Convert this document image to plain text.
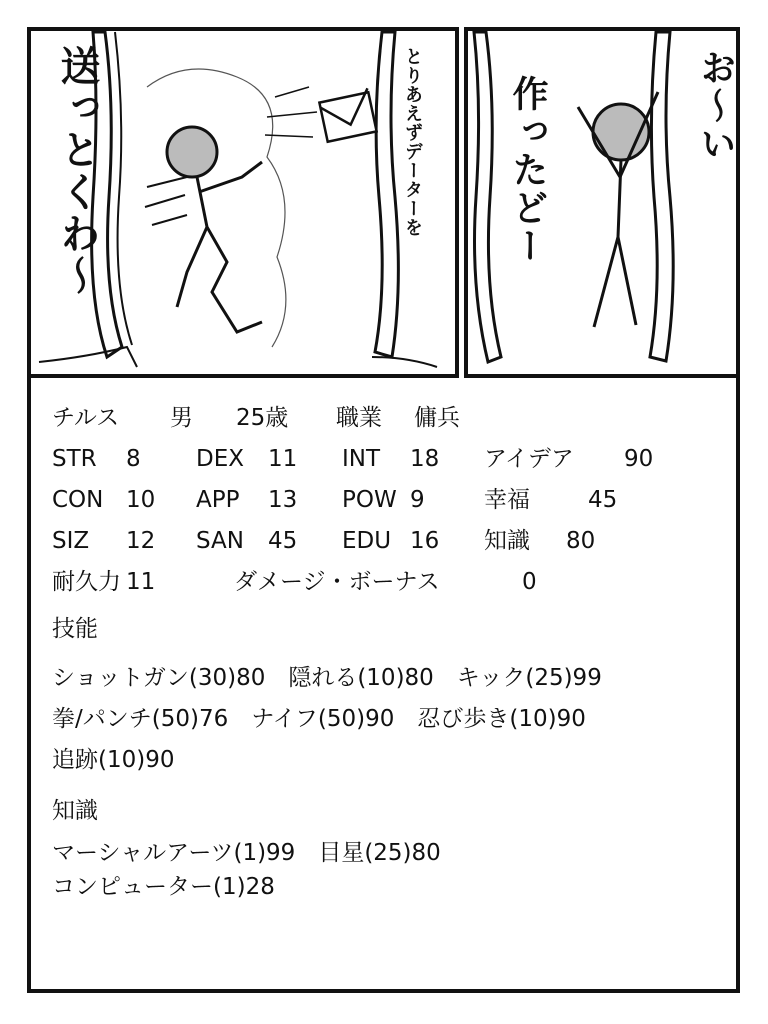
送っとくわ〜	とりあえずデーターを 作ったどー	お〜い
チルス	男	25歳	職業	傭兵
STR	8	DEX	11	INT	18	アイデア	90
CON 10	APP	13	POW 9	幸福	45
SIZ	12	SAN	45	EDU 16	知識	80
耐久力 11	ダメージ・ボーナス	0
技能
ショットガン(30)80　隠れる(10)80　キック(25)99
拳/パンチ(50)76　ナイフ(50)90　忍び歩き(10)90
追跡(10)90
知識
マーシャルアーツ(1)99　目星(25)80
コンピューター(1)28
